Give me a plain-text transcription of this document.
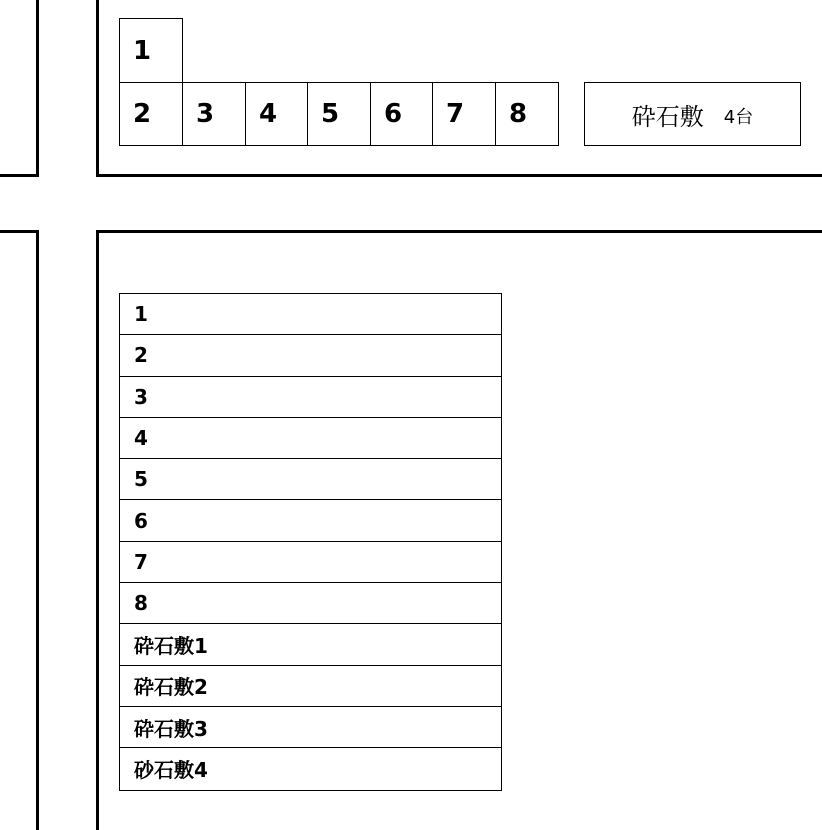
1
2	3	4	5	6	7	8	砕石敷 4台
1
2
3
4
5
6
7
8
砕石敷1
砕石敷2
砕石敷3
砂石敷4
